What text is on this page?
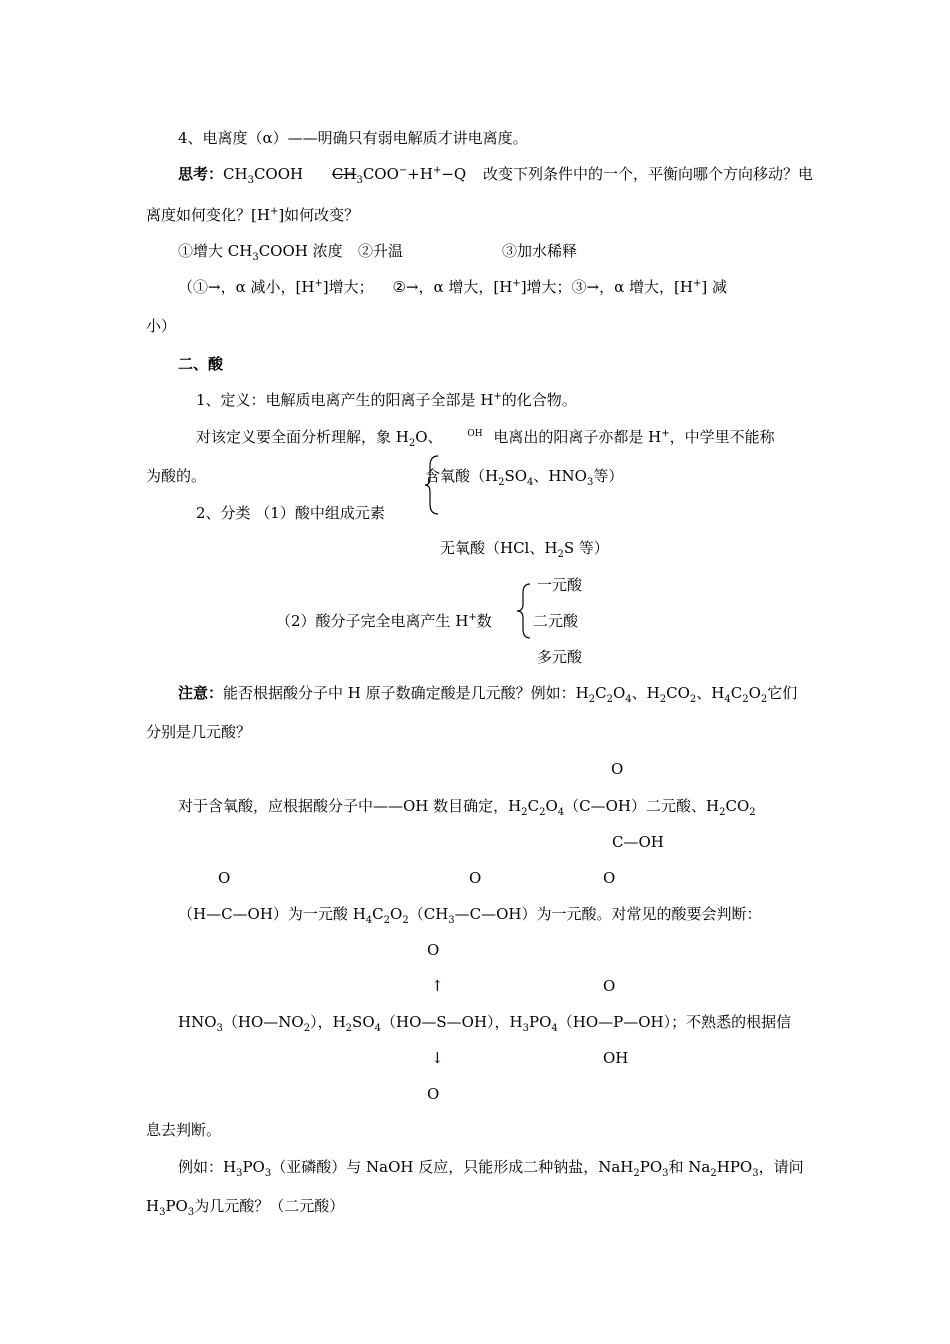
4、电离度（α）——明确只有弱电解质才讲电离度。
思考：$CH_3COOH$ $CH_3COO^-+H^+-Q$ 改变下列条件中的一个，平衡向哪个方向移动？电
离度如何变化？[H+]如何改变？
①增大 $CH_3COOH$ 浓度 ②升温	③加水稀释
（①→，α 减小，[H+]增大； ②→，α 增大，[H+]增大；③→，α 增大，[H+] 减
小）
二、酸
1、定义：电解质电离产生的阳离子全部是 H+的化合物。
对该定义要全面分析理解，象 $H_2O$、	$^{OH}$ 电离出的阳离子亦都是 H+，中学里不能称
为酸的。	含氧酸（$H_2SO_4$、$HNO_3$等）
2、分类 （1）酸中组成元素
无氧酸（HCl、$H_2S$ 等）
（2）酸分子完全电离产生 H+数
一元酸
二元酸
多元酸
注意：能否根据酸分子中 H 原子数确定酸是几元酸？例如：$H_2C_2O_4$、$H_2CO_2$、$H_4C_2O_2$它们
分别是几元酸？
O
对于含氧酸，应根据酸分子中——OH 数目确定，$H_2C_2O_4(C—OH)$二元酸、$H_2CO_2$
C—OH
O	O	O
（H—C—OH）为一元酸 $H_4C_2O_2(CH_3—C—OH)$为一元酸。对常见的酸要会判断：
O
↑	O
$HNO_3(HO—NO_2)$，$H_2SO_4(HO—S—OH)$，$H_3PO_4(HO—P—OH)$；不熟悉的根据信
↓	OH
O
息去判断。
例如：$H_3PO_3$（亚磷酸）与 NaOH 反应，只能形成二种钠盐，$NaH_2PO_3$和 $Na_2HPO_3$，请问
$H_3PO_3$为几元酸？（二元酸）
